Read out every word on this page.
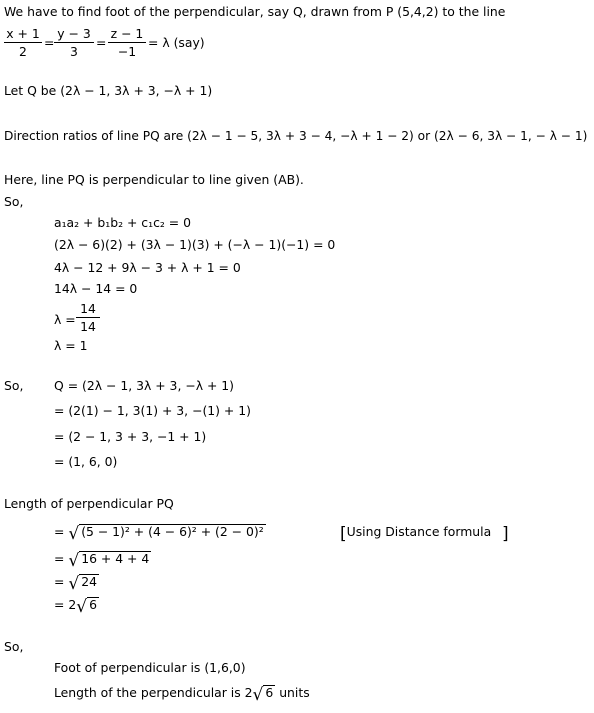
We have to find foot of the perpendicular, say Q, drawn from P (5,4,2) to the line
$\frac{x + 1}{2} = \frac{y - 3}{3} = \frac{z - 1}{-1} = \lambda$ (say)
Let Q be (2λ − 1, 3λ + 3, −λ + 1)
Direction ratios of line PQ are (2λ − 1 − 5, 3λ + 3 − 4, −λ + 1 − 2) or (2λ − 6, 3λ − 1, − λ − 1)
Here, line PQ is perpendicular to line given (AB).
So,
a₁a₂ + b₁b₂ + c₁c₂ = 0
(2λ − 6)(2) + (3λ − 1)(3) + (−λ − 1)(−1) = 0
4λ − 12 + 9λ − 3 + λ + 1 = 0
14λ − 14 = 0
$\lambda = \frac{14}{14}$
λ = 1
So, Q = (2λ − 1, 3λ + 3, −λ + 1)
= (2(1) − 1, 3(1) + 3, −(1) + 1)
= (2 − 1, 3 + 3, −1 + 1)
= (1, 6, 0)
Length of perpendicular PQ
= √ (5 − 1)² + (4 − 6)² + (2 − 0)²	[Using Distance formula  ]
= √ 16 + 4 + 4
= √ 24
= 2√ 6
So,
Foot of perpendicular is (1,6,0)
Length of the perpendicular is 2√ 6 units
